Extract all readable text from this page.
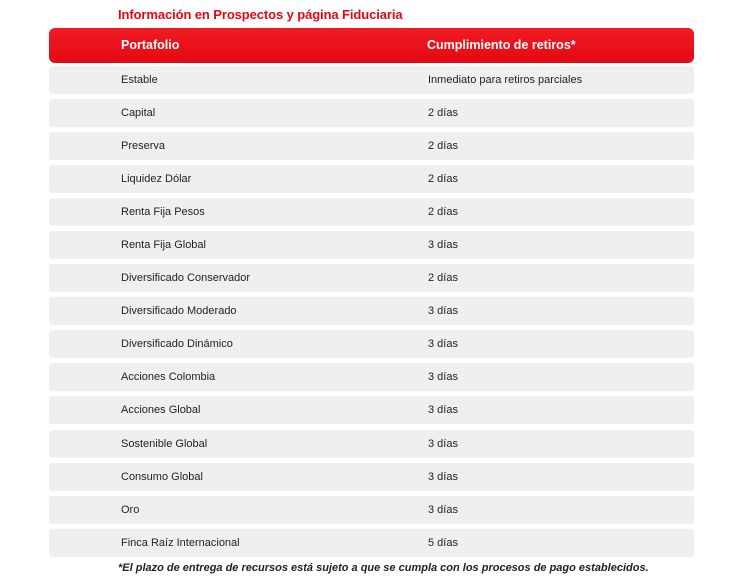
Información en Prospectos y página Fiduciaria
Portafolio	Cumplimiento de retiros*
Estable	Inmediato para retiros parciales
Capital	2 días
Preserva	2 días
Liquidez Dólar	2 días
Renta Fija Pesos	2 días
Renta Fija Global	3 días
Diversificado Conservador	2 días
Diversificado Moderado	3 días
Diversificado Dinámico	3 días
Acciones Colombia	3 días
Acciones Global	3 días
Sostenible Global	3 días
Consumo Global	3 días
Oro	3 días
Finca Raíz Internacional	5 días
*El plazo de entrega de recursos está sujeto a que se cumpla con los procesos de pago establecidos.
